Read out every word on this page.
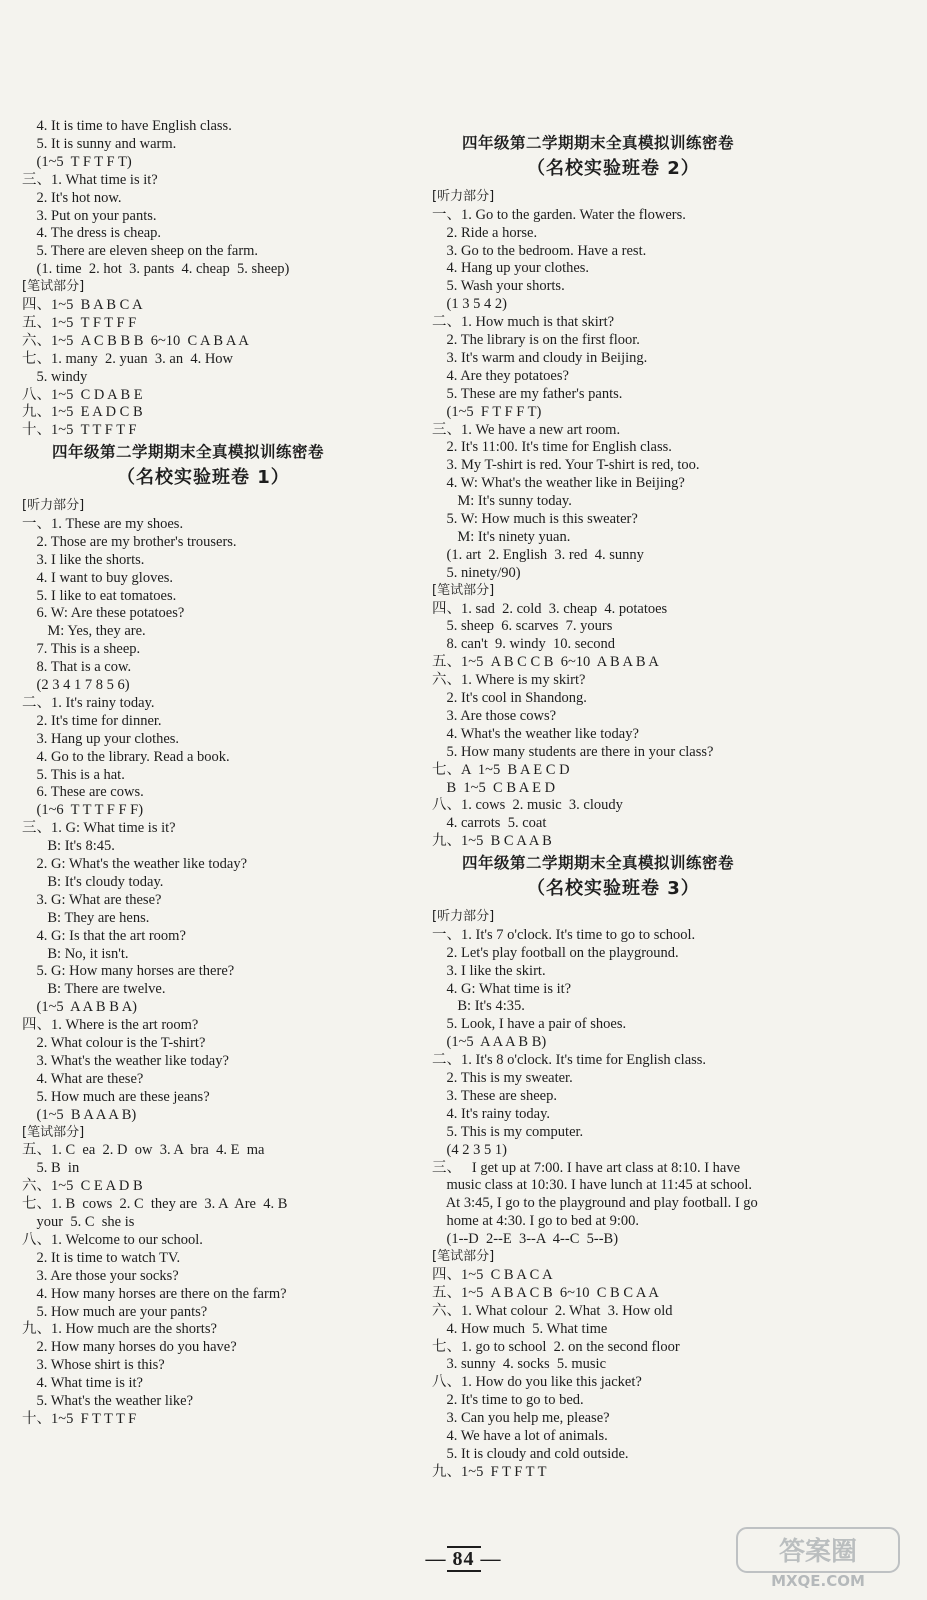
4. It is time to have English class.
5. It is sunny and warm.
(1~5  T F T F T)
三、1. What time is it?
2. It's hot now.
3. Put on your pants.
4. The dress is cheap.
5. There are eleven sheep on the farm.
(1. time  2. hot  3. pants  4. cheap  5. sheep)
[笔试部分]
四、1~5  B A B C A
五、1~5  T F T F F
六、1~5  A C B B B  6~10  C A B A A
七、1. many  2. yuan  3. an  4. How
5. windy
八、1~5  C D A B E
九、1~5  E A D C B
十、1~5  T T F T F
四年级第二学期期末全真模拟训练密卷
（名校实验班卷 1）
[听力部分]
一、1. These are my shoes.
2. Those are my brother's trousers.
3. I like the shorts.
4. I want to buy gloves.
5. I like to eat tomatoes.
6. W: Are these potatoes?
M: Yes, they are.
7. This is a sheep.
8. That is a cow.
(2 3 4 1 7 8 5 6)
二、1. It's rainy today.
2. It's time for dinner.
3. Hang up your clothes.
4. Go to the library. Read a book.
5. This is a hat.
6. These are cows.
(1~6  T T T F F F)
三、1. G: What time is it?
B: It's 8:45.
2. G: What's the weather like today?
B: It's cloudy today.
3. G: What are these?
B: They are hens.
4. G: Is that the art room?
B: No, it isn't.
5. G: How many horses are there?
B: There are twelve.
(1~5  A A B B A)
四、1. Where is the art room?
2. What colour is the T-shirt?
3. What's the weather like today?
4. What are these?
5. How much are these jeans?
(1~5  B A A A B)
[笔试部分]
五、1. C  ea  2. D  ow  3. A  bra  4. E  ma
5. B  in
六、1~5  C E A D B
七、1. B  cows  2. C  they are  3. A  Are  4. B
your  5. C  she is
八、1. Welcome to our school.
2. It is time to watch TV.
3. Are those your socks?
4. How many horses are there on the farm?
5. How much are your pants?
九、1. How much are the shorts?
2. How many horses do you have?
3. Whose shirt is this?
4. What time is it?
5. What's the weather like?
十、1~5  F T T T F
四年级第二学期期末全真模拟训练密卷
（名校实验班卷 2）
[听力部分]
一、1. Go to the garden. Water the flowers.
2. Ride a horse.
3. Go to the bedroom. Have a rest.
4. Hang up your clothes.
5. Wash your shorts.
(1 3 5 4 2)
二、1. How much is that skirt?
2. The library is on the first floor.
3. It's warm and cloudy in Beijing.
4. Are they potatoes?
5. These are my father's pants.
(1~5  F T F F T)
三、1. We have a new art room.
2. It's 11:00. It's time for English class.
3. My T-shirt is red. Your T-shirt is red, too.
4. W: What's the weather like in Beijing?
M: It's sunny today.
5. W: How much is this sweater?
M: It's ninety yuan.
(1. art  2. English  3. red  4. sunny
5. ninety/90)
[笔试部分]
四、1. sad  2. cold  3. cheap  4. potatoes
5. sheep  6. scarves  7. yours
8. can't  9. windy  10. second
五、1~5  A B C C B  6~10  A B A B A
六、1. Where is my skirt?
2. It's cool in Shandong.
3. Are those cows?
4. What's the weather like today?
5. How many students are there in your class?
七、A  1~5  B A E C D
B  1~5  C B A E D
八、1. cows  2. music  3. cloudy
4. carrots  5. coat
九、1~5  B C A A B
四年级第二学期期末全真模拟训练密卷
（名校实验班卷 3）
[听力部分]
一、1. It's 7 o'clock. It's time to go to school.
2. Let's play football on the playground.
3. I like the skirt.
4. G: What time is it?
B: It's 4:35.
5. Look, I have a pair of shoes.
(1~5  A A A B B)
二、1. It's 8 o'clock. It's time for English class.
2. This is my sweater.
3. These are sheep.
4. It's rainy today.
5. This is my computer.
(4 2 3 5 1)
三、   I get up at 7:00. I have art class at 8:10. I have
music class at 10:30. I have lunch at 11:45 at school.
At 3:45, I go to the playground and play football. I go
home at 4:30. I go to bed at 9:00.
(1--D  2--E  3--A  4--C  5--B)
[笔试部分]
四、1~5  C B A C A
五、1~5  A B A C B  6~10  C B C A A
六、1. What colour  2. What  3. How old
4. How much  5. What time
七、1. go to school  2. on the second floor
3. sunny  4. socks  5. music
八、1. How do you like this jacket?
2. It's time to go to bed.
3. Can you help me, please?
4. We have a lot of animals.
5. It is cloudy and cold outside.
九、1~5  F T F T T
— 84 —	答案圈
MXQE.COM
